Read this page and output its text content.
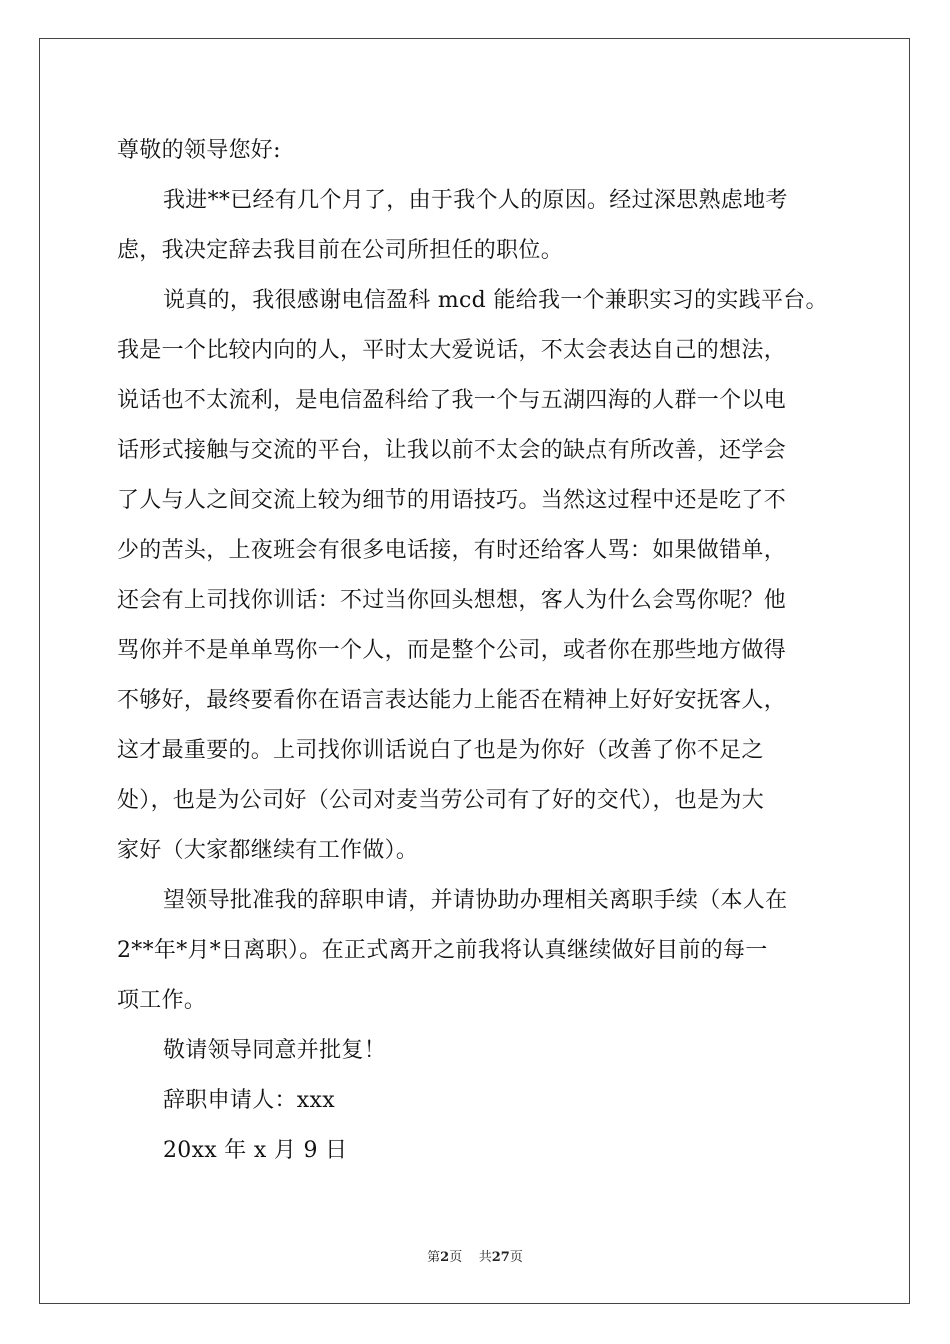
尊敬的领导您好:
我进**已经有几个月了，由于我个人的原因。经过深思熟虑地考
虑，我决定辞去我目前在公司所担任的职位。
说真的，我很感谢电信盈科 mcd 能给我一个兼职实习的实践平台。
我是一个比较内向的人，平时太大爱说话，不太会表达自己的想法，
说话也不太流利，是电信盈科给了我一个与五湖四海的人群一个以电
话形式接触与交流的平台，让我以前不太会的缺点有所改善，还学会
了人与人之间交流上较为细节的用语技巧。当然这过程中还是吃了不
少的苦头，上夜班会有很多电话接，有时还给客人骂：如果做错单，
还会有上司找你训话：不过当你回头想想，客人为什么会骂你呢？他
骂你并不是单单骂你一个人，而是整个公司，或者你在那些地方做得
不够好，最终要看你在语言表达能力上能否在精神上好好安抚客人，
这才最重要的。上司找你训话说白了也是为你好（改善了你不足之
处），也是为公司好（公司对麦当劳公司有了好的交代），也是为大
家好（大家都继续有工作做）。
望领导批准我的辞职申请，并请协助办理相关离职手续（本人在
2**年*月*日离职）。在正式离开之前我将认真继续做好目前的每一
项工作。
敬请领导同意并批复！
辞职申请人：xxx
20xx 年 x 月 9 日
第2页    共27页
